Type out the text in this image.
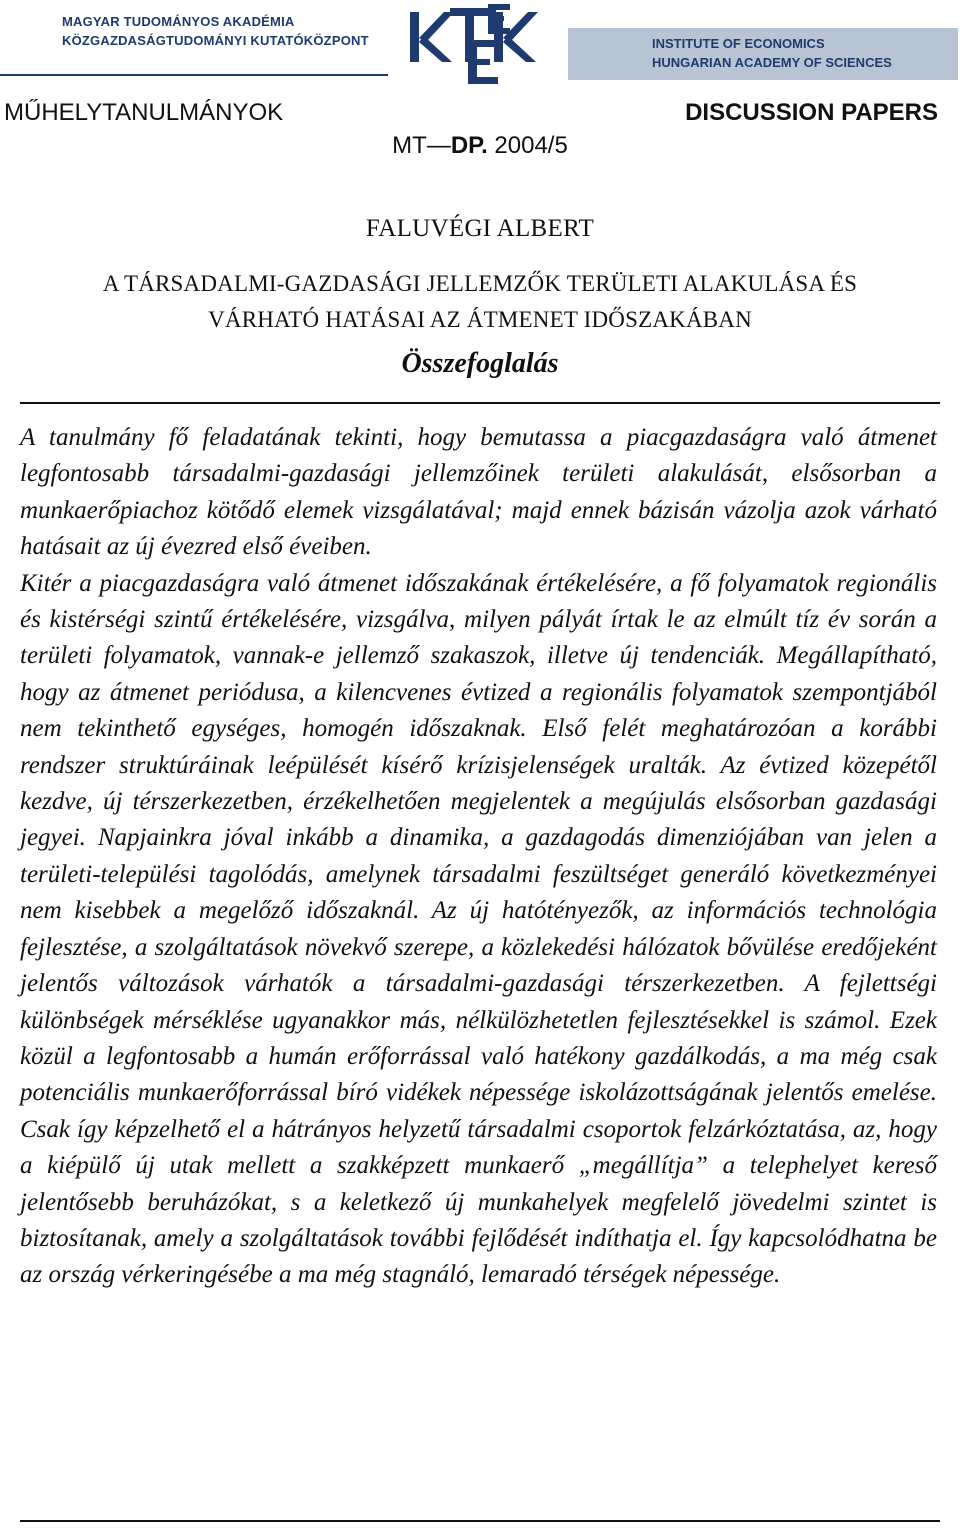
MAGYAR TUDOMÁNYOS AKADÉMIA
KÖZGAZDASÁGTUDOMÁNYI KUTATÓKÖZPONT	INSTITUTE OF ECONOMICS
HUNGARIAN ACADEMY OF SCIENCES
MŰHELYTANULMÁNYOK	DISCUSSION PAPERS
MT—DP. 2004/5
FALUVÉGI ALBERT
A TÁRSADALMI-GAZDASÁGI JELLEMZŐK TERÜLETI ALAKULÁSA ÉS
VÁRHATÓ HATÁSAI AZ ÁTMENET IDŐSZAKÁBAN
Összefoglalás

A tanulmány fő feladatának tekinti, hogy bemutassa a piacgazdaságra való átmenet legfontosabb társadalmi-gazdasági jellemzőinek területi alakulását, elsősorban a munkaerőpiachoz kötődő elemek vizsgálatával; majd ennek bázisán vázolja azok várható hatásait az új évezred első éveiben.

Kitér a piacgazdaságra való átmenet időszakának értékelésére, a fő folyamatok regionális és kistérségi szintű értékelésére, vizsgálva, milyen pályát írtak le az elmúlt tíz év során a területi folyamatok, vannak-e jellemző szakaszok, illetve új tendenciák. Megállapítható, hogy az átmenet periódusa, a kilencvenes évtized a regionális folyamatok szempontjából nem tekinthető egységes, homogén időszaknak. Első felét meghatározóan a korábbi rendszer struktúráinak leépülését kísérő krízisjelenségek uralták. Az évtized közepétől kezdve, új térszerkezetben, érzékelhetően megjelentek a megújulás elsősorban gazdasági jegyei. Napjainkra jóval inkább a dinamika, a gazdagodás dimenziójában van jelen a területi-települési tagolódás, amelynek társadalmi feszültséget generáló következményei nem kisebbek a megelőző időszaknál. Az új hatótényezők, az információs technológia fejlesztése, a szolgáltatások növekvő szerepe, a közlekedési hálózatok bővülése eredőjeként jelentős változások várhatók a társadalmi-gazdasági térszerkezetben. A fejlettségi különbségek mérséklése ugyanakkor más, nélkülözhetetlen fejlesztésekkel is számol. Ezek közül a legfontosabb a humán erőforrással való hatékony gazdálkodás, a ma még csak potenciális munkaerőforrással bíró vidékek népessége iskolázottságának jelentős emelése. Csak így képzelhető el a hátrányos helyzetű társadalmi csoportok felzárkóztatása, az, hogy a kiépülő új utak mellett a szakképzett munkaerő „megállítja” a telephelyet kereső jelentősebb beruházókat, s a keletkező új munkahelyek megfelelő jövedelmi szintet is biztosítanak, amely a szolgáltatások további fejlődését indíthatja el. Így kapcsolódhatna be az ország vérkeringésébe a ma még stagnáló, lemaradó térségek népessége.
